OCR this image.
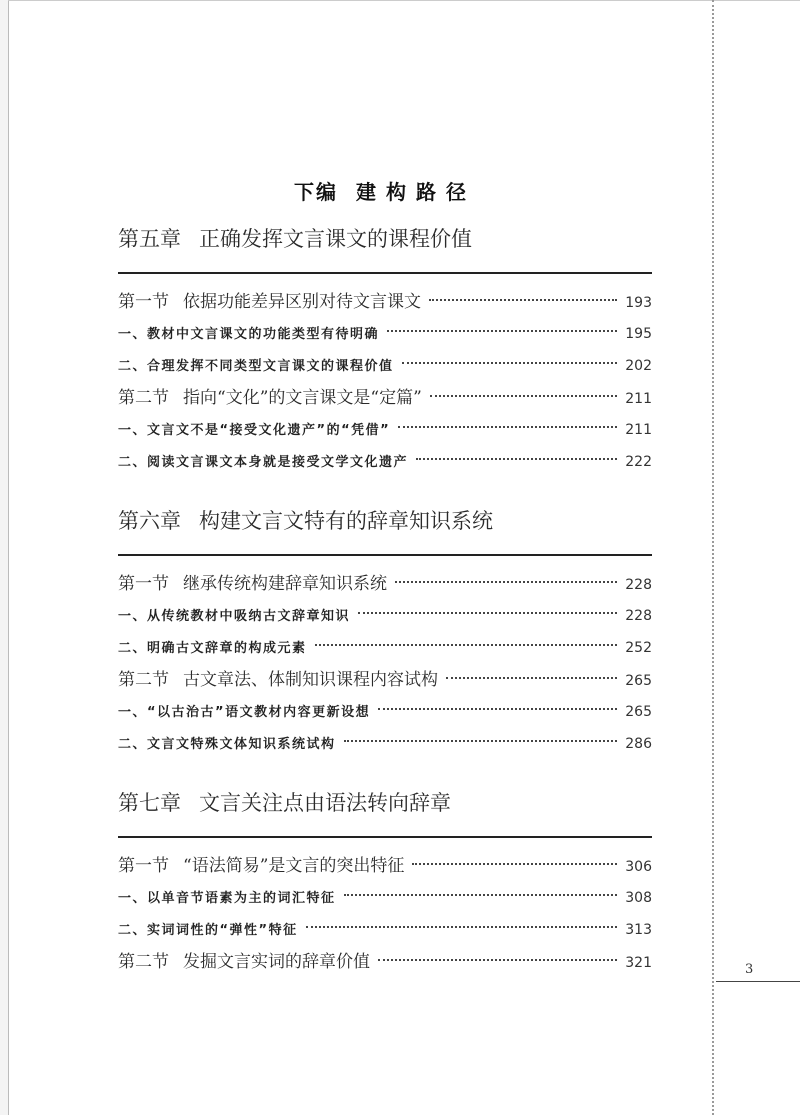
3
下编 建构路径
第五章 正确发挥文言课文的课程价值
第一节 依据功能差异区别对待文言课文	193
一、教材中文言课文的功能类型有待明确	195
二、合理发挥不同类型文言课文的课程价值	202
第二节 指向“文化”的文言课文是“定篇”	211
一、文言文不是“接受文化遗产”的“凭借”	211
二、阅读文言课文本身就是接受文学文化遗产	222
第六章 构建文言文特有的辞章知识系统
第一节 继承传统构建辞章知识系统	228
一、从传统教材中吸纳古文辞章知识	228
二、明确古文辞章的构成元素	252
第二节 古文章法、体制知识课程内容试构	265
一、“以古治古”语文教材内容更新设想	265
二、文言文特殊文体知识系统试构	286
第七章 文言关注点由语法转向辞章
第一节 “语法简易”是文言的突出特征	306
一、以单音节语素为主的词汇特征	308
二、实词词性的“弹性”特征	313
第二节 发掘文言实词的辞章价值	321
